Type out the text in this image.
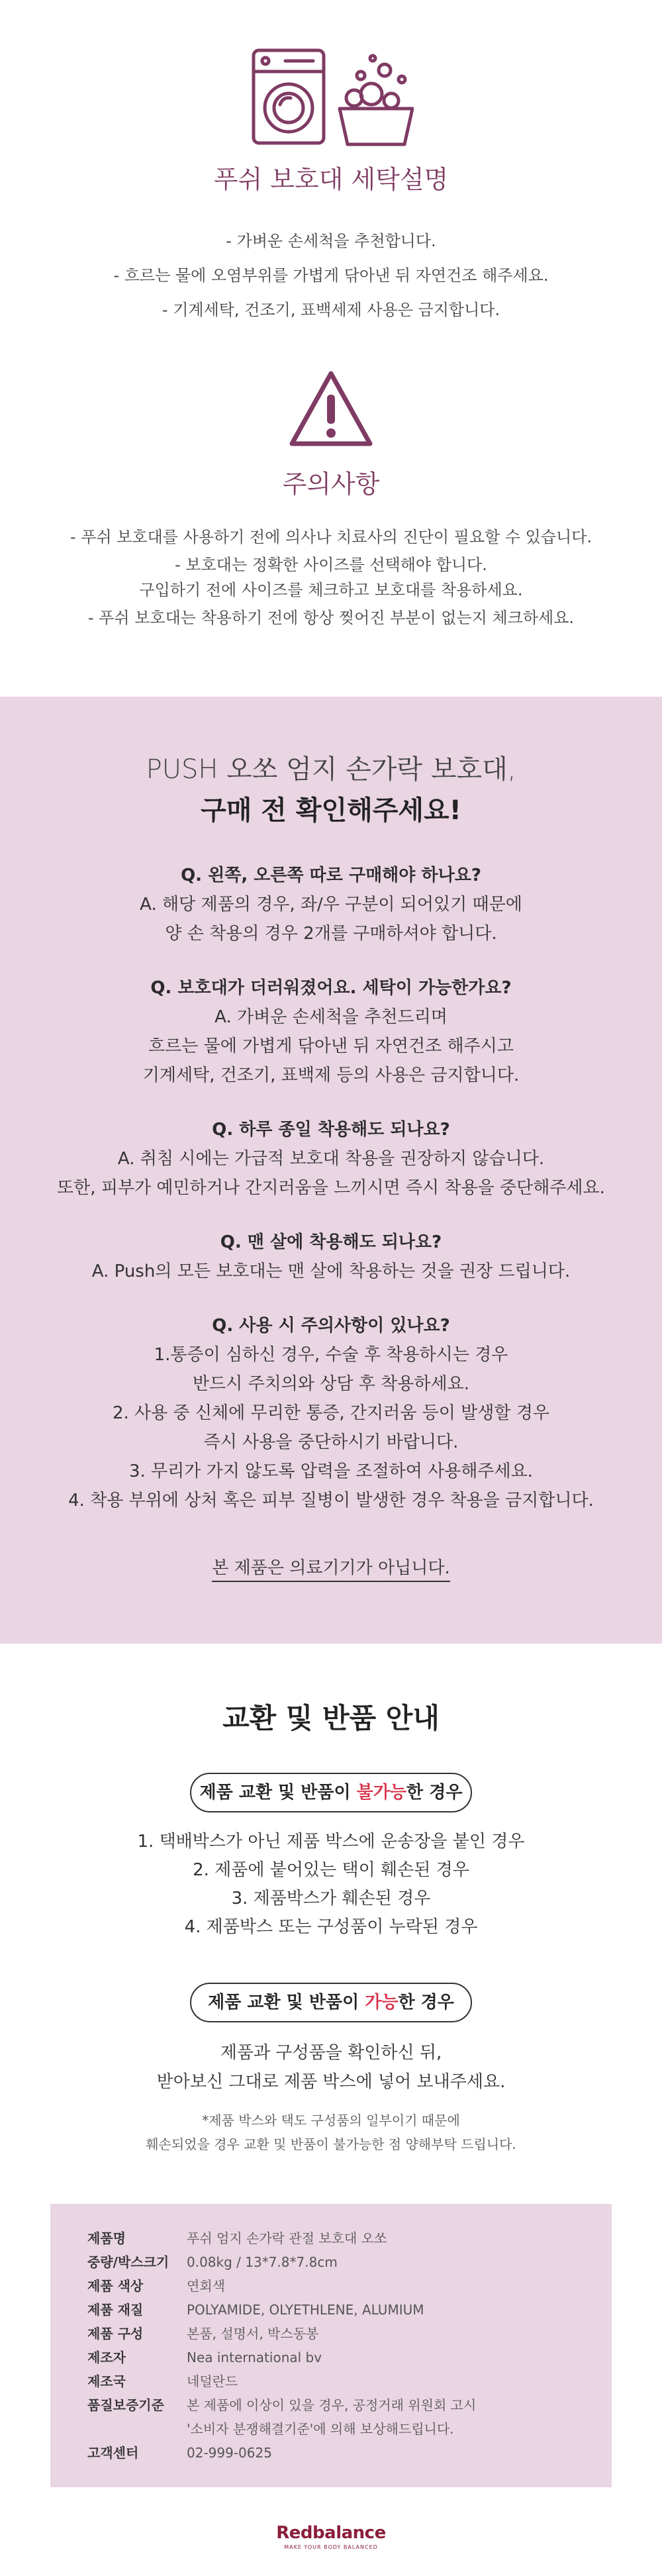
푸쉬 보호대 세탁설명

- 가벼운 손세척을 추천합니다.

- 흐르는 물에 오염부위를 가볍게 닦아낸 뒤 자연건조 해주세요.

- 기계세탁, 건조기, 표백세제 사용은 금지합니다.

주의사항

- 푸쉬 보호대를 사용하기 전에 의사나 치료사의 진단이 필요할 수 있습니다.

- 보호대는 정확한 사이즈를 선택해야 합니다.

구입하기 전에 사이즈를 체크하고 보호대를 착용하세요.

- 푸쉬 보호대는 착용하기 전에 항상 찢어진 부분이 없는지 체크하세요.

PUSH 오쏘 엄지 손가락 보호대,
구매 전 확인해주세요!

Q. 왼쪽, 오른쪽 따로 구매해야 하나요?

A. 해당 제품의 경우, 좌/우 구분이 되어있기 때문에

양 손 착용의 경우 2개를 구매하셔야 합니다.

Q. 보호대가 더러워졌어요. 세탁이 가능한가요?

A. 가벼운 손세척을 추천드리며

흐르는 물에 가볍게 닦아낸 뒤 자연건조 해주시고

기계세탁, 건조기, 표백제 등의 사용은 금지합니다.

Q. 하루 종일 착용해도 되나요?

A. 취침 시에는 가급적 보호대 착용을 권장하지 않습니다.

또한, 피부가 예민하거나 간지러움을 느끼시면 즉시 착용을 중단해주세요.

Q. 맨 살에 착용해도 되나요?

A. Push의 모든 보호대는 맨 살에 착용하는 것을 권장 드립니다.

Q. 사용 시 주의사항이 있나요?

1.통증이 심하신 경우, 수술 후 착용하시는 경우

반드시 주치의와 상담 후 착용하세요.

2. 사용 중 신체에 무리한 통증, 간지러움 등이 발생할 경우

즉시 사용을 중단하시기 바랍니다.

3. 무리가 가지 않도록 압력을 조절하여 사용해주세요.

4. 착용 부위에 상처 혹은 피부 질병이 발생한 경우 착용을 금지합니다.

본 제품은 의료기기가 아닙니다.
교환 및 반품 안내
제품 교환 및 반품이 불가능한 경우

1. 택배박스가 아닌 제품 박스에 운송장을 붙인 경우

2. 제품에 붙어있는 택이 훼손된 경우

3. 제품박스가 훼손된 경우

4. 제품박스 또는 구성품이 누락된 경우

제품 교환 및 반품이 가능한 경우

제품과 구성품을 확인하신 뒤,

받아보신 그대로 제품 박스에 넣어 보내주세요.

*제품 박스와 택도 구성품의 일부이기 때문에

훼손되었을 경우 교환 및 반품이 불가능한 점 양해부탁 드립니다.

제품명	푸쉬 엄지 손가락 관절 보호대 오쏘
중량/박스크기	0.08kg / 13*7.8*7.8cm
제품 색상	연회색
제품 재질	POLYAMIDE, OLYETHLENE, ALUMIUM
제품 구성	본품, 설명서, 박스동봉
제조자	Nea international bv
제조국	네덜란드
품질보증기준	본 제품에 이상이 있을 경우, 공정거래 위원회 고시
'소비자 분쟁해결기준'에 의해 보상해드립니다.
고객센터	02-999-0625
Redbalance
MAKE YOUR BODY BALANCED
